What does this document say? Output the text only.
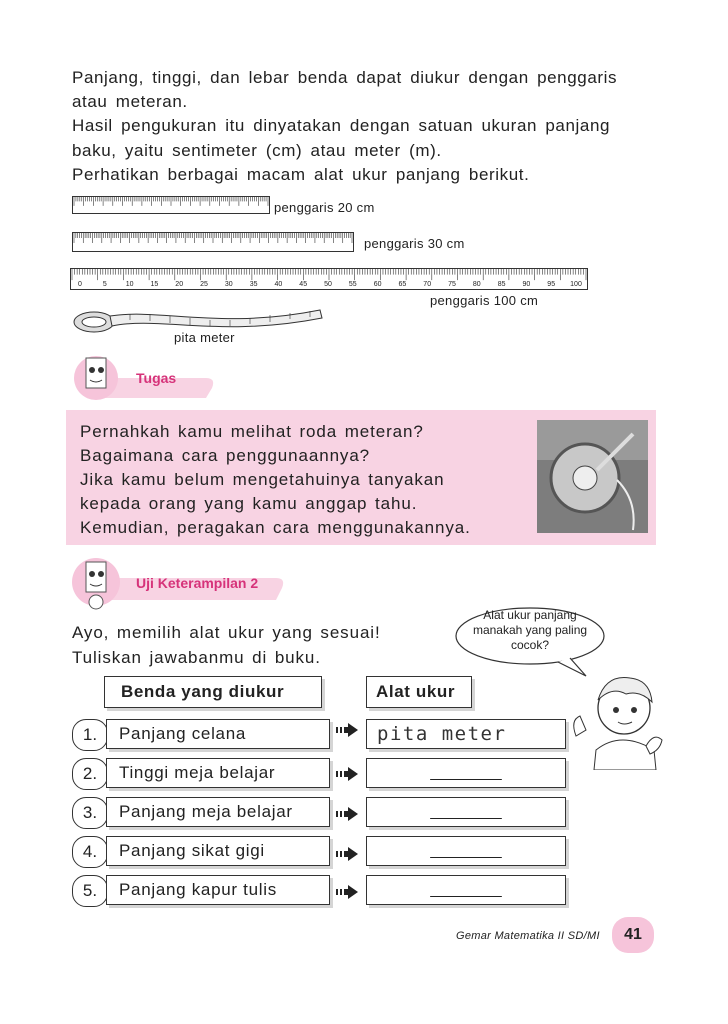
Panjang, tinggi, dan lebar benda dapat diukur dengan penggaris

atau meteran.

Hasil pengukuran itu dinyatakan dengan satuan ukuran panjang

baku, yaitu sentimeter (cm) atau meter (m).

Perhatikan berbagai macam alat ukur panjang berikut.

penggaris 20 cm
penggaris 30 cm
0	5	10 15 20 25 30 35 40 45 50 55 60 65 70 75 80 85 90 95 100
penggaris 100 cm
pita meter
Tugas

Pernahkah kamu melihat roda meteran?

Bagaimana cara penggunaannya?

Jika kamu belum mengetahuinya tanyakan

kepada orang yang kamu anggap tahu.

Kemudian, peragakan cara menggunakannya.

Uji Keterampilan 2

Ayo, memilih alat ukur yang sesuai!

Tuliskan jawabanmu di buku.

Alat ukur panjang
manakah yang paling
cocok?
Benda yang diukur	Alat ukur
1.	Panjang celana	pita meter
2.	Tinggi meja belajar	________
3.	Panjang meja belajar	________
4.	Panjang sikat gigi	________
5.	Panjang kapur tulis	________
Gemar Matematika II SD/MI	41
